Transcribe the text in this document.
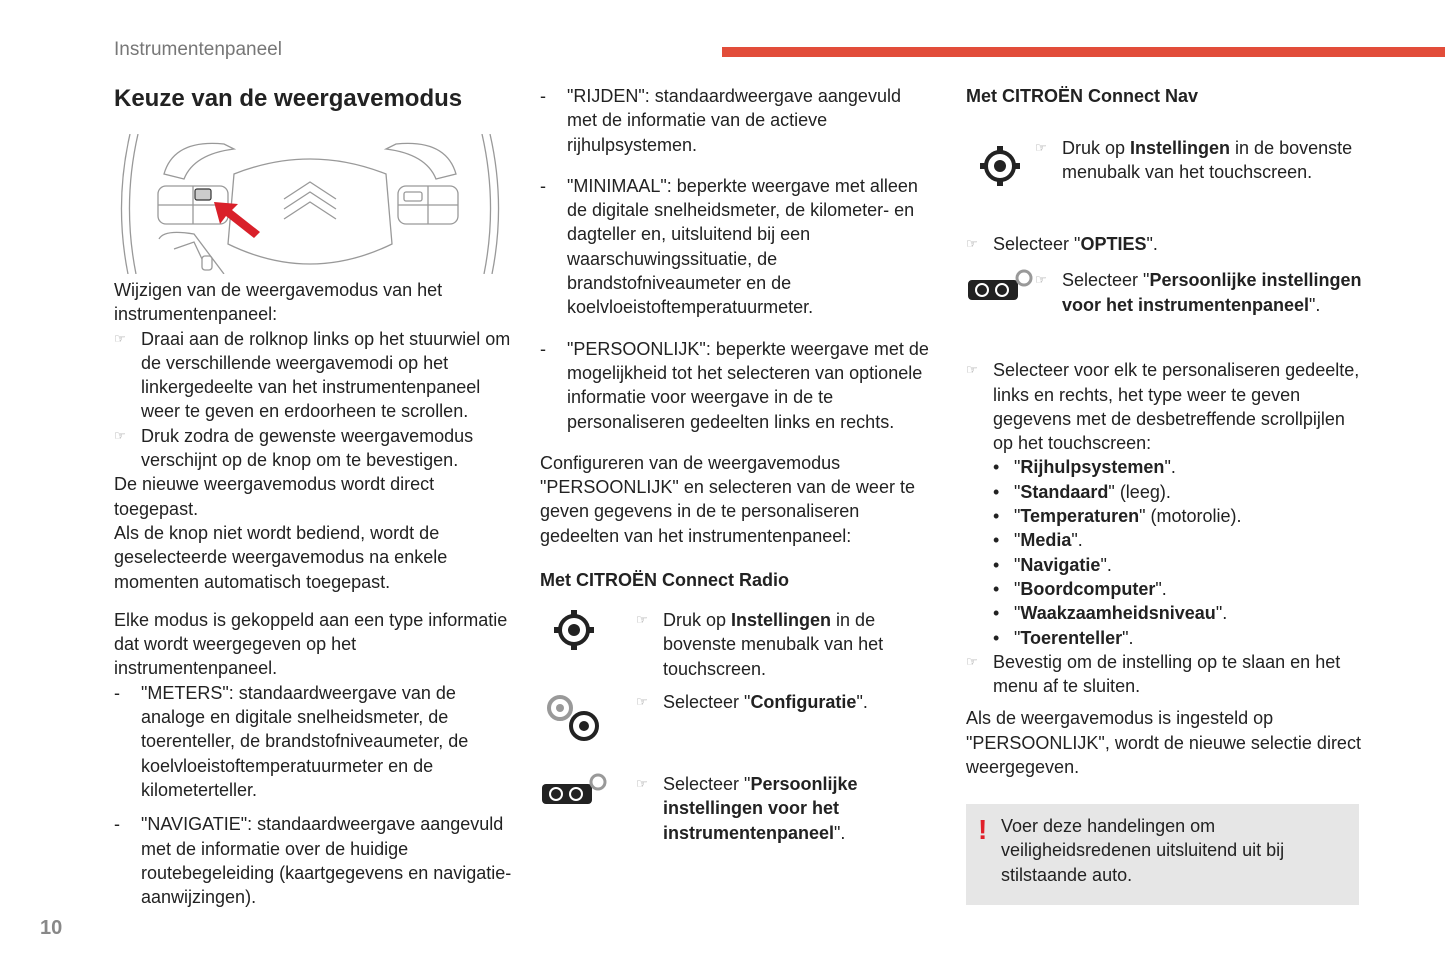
Instrumentenpaneel
Keuze van de weergavemodus

Wijzigen van de weergavemodus van het instrumentenpaneel:

☞ Draai aan de rolknop links op het stuurwiel om de verschillende weergavemodi op het linkergedeelte van het instrumentenpaneel weer te geven en erdoorheen te scrollen.
☞ Druk zodra de gewenste weergavemodus verschijnt op de knop om te bevestigen.

De nieuwe weergavemodus wordt direct toegepast.

Als de knop niet wordt bediend, wordt de geselecteerde weergavemodus na enkele momenten automatisch toegepast.

Elke modus is gekoppeld aan een type informatie dat wordt weergegeven op het instrumentenpaneel.

- "METERS": standaardweergave van de analoge en digitale snelheidsmeter, de toerenteller, de brandstofniveaumeter, de koelvloeistoftemperatuurmeter en de kilometerteller.
- "NAVIGATIE": standaardweergave aangevuld met de informatie over de huidige routebegeleiding (kaartgegevens en navigatie-aanwijzingen).
- "RIJDEN": standaardweergave aangevuld met de informatie van de actieve rijhulpsystemen.
- "MINIMAAL": beperkte weergave met alleen de digitale snelheidsmeter, de kilometer- en dagteller en, uitsluitend bij een waarschuwingssituatie, de brandstofniveaumeter en de koelvloeistoftemperatuurmeter.
- "PERSOONLIJK": beperkte weergave met de mogelijkheid tot het selecteren van optionele informatie voor weergave in de te personaliseren gedeelten links en rechts.

Configureren van de weergavemodus "PERSOONLIJK" en selecteren van de weer te geven gegevens in de te personaliseren gedeelten van het instrumentenpaneel:

Met CITROËN Connect Radio
☞ Druk op Instellingen in de bovenste menubalk van het touchscreen.
☞ Selecteer "Configuratie".
☞ Selecteer "Persoonlijke instellingen voor het instrumentenpaneel".
Met CITROËN Connect Nav
☞ Druk op Instellingen in de bovenste menubalk van het touchscreen.
☞ Selecteer "OPTIES".
☞ Selecteer "Persoonlijke instellingen voor het instrumentenpaneel".
☞ Selecteer voor elk te personaliseren gedeelte, links en rechts, het type weer te geven gegevens met de desbetreffende scrollpijlen op het touchscreen:
• "Rijhulpsystemen".
• "Standaard" (leeg).
• "Temperaturen" (motorolie).
• "Media".
• "Navigatie".
• "Boordcomputer".
• "Waakzaamheidsniveau".
• "Toerenteller".
☞ Bevestig om de instelling op te slaan en het menu af te sluiten.

Als de weergavemodus is ingesteld op "PERSOONLIJK", wordt de nieuwe selectie direct weergegeven.

! Voer deze handelingen om veiligheidsredenen uitsluitend uit bij stilstaande auto.
10
